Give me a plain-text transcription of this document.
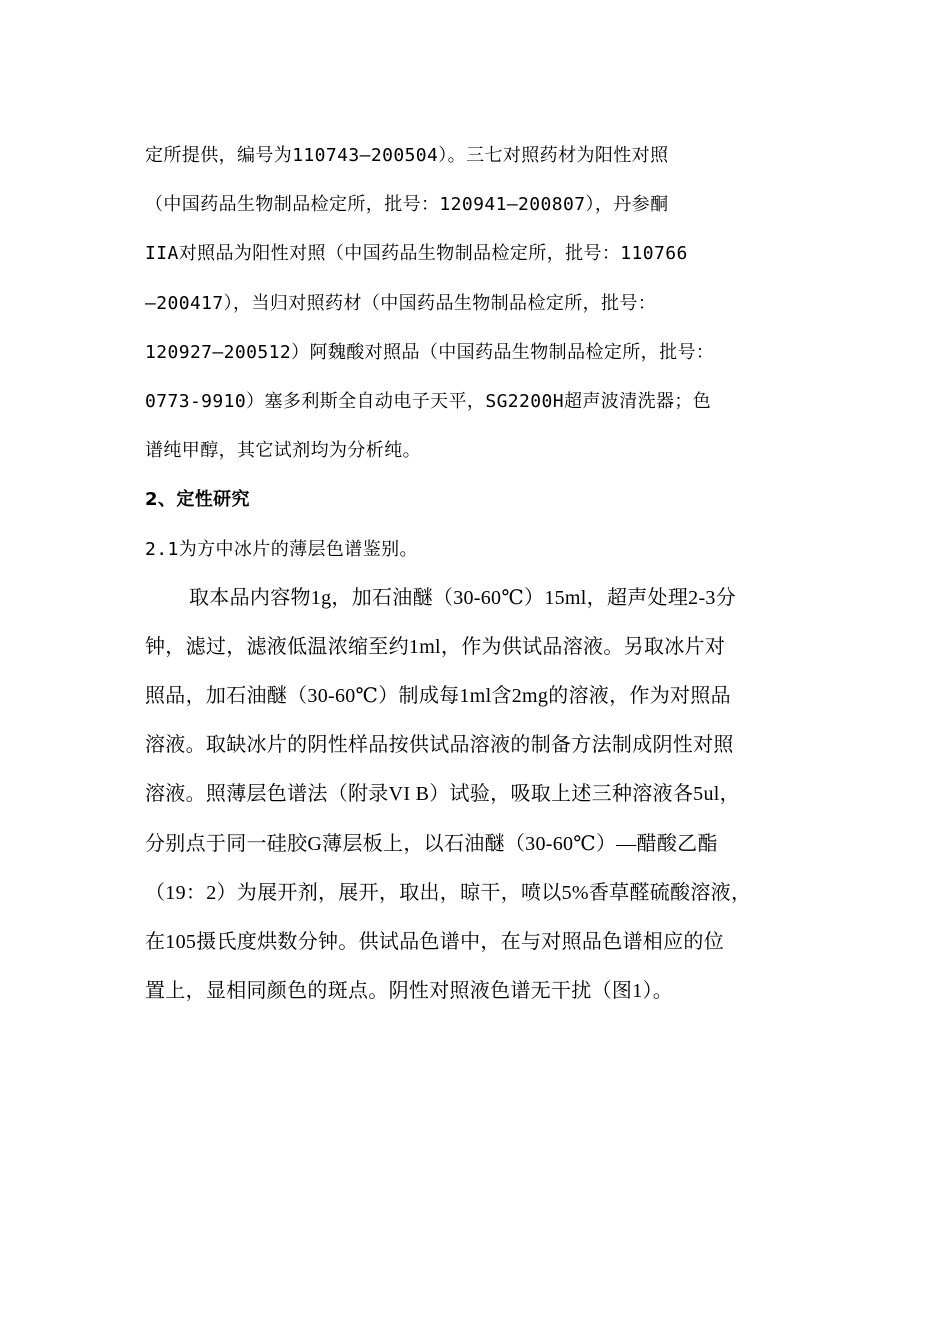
定所提供，编号为110743—200504）。三七对照药材为阳性对照
（中国药品生物制品检定所，批号：120941—200807），丹参酮
IIA对照品为阳性对照（中国药品生物制品检定所，批号：110766
—200417），当归对照药材（中国药品生物制品检定所，批号：
120927—200512）阿魏酸对照品（中国药品生物制品检定所，批号：
0773-9910）塞多利斯全自动电子天平，SG2200H超声波清洗器；色
谱纯甲醇，其它试剂均为分析纯。
2、定性研究
2.1为方中冰片的薄层色谱鉴别。
取本品内容物1g，加石油醚（30-60℃）15ml，超声处理2-3分
钟，滤过，滤液低温浓缩至约1ml，作为供试品溶液。另取冰片对
照品，加石油醚（30-60℃）制成每1ml含2mg的溶液，作为对照品
溶液。取缺冰片的阴性样品按供试品溶液的制备方法制成阴性对照
溶液。照薄层色谱法（附录VI B）试验，吸取上述三种溶液各5ul，
分别点于同一硅胶G薄层板上，以石油醚（30-60℃）—醋酸乙酯
（19：2）为展开剂，展开，取出，晾干，喷以5%香草醛硫酸溶液，
在105摄氏度烘数分钟。供试品色谱中，在与对照品色谱相应的位
置上，显相同颜色的斑点。阴性对照液色谱无干扰（图1）。
